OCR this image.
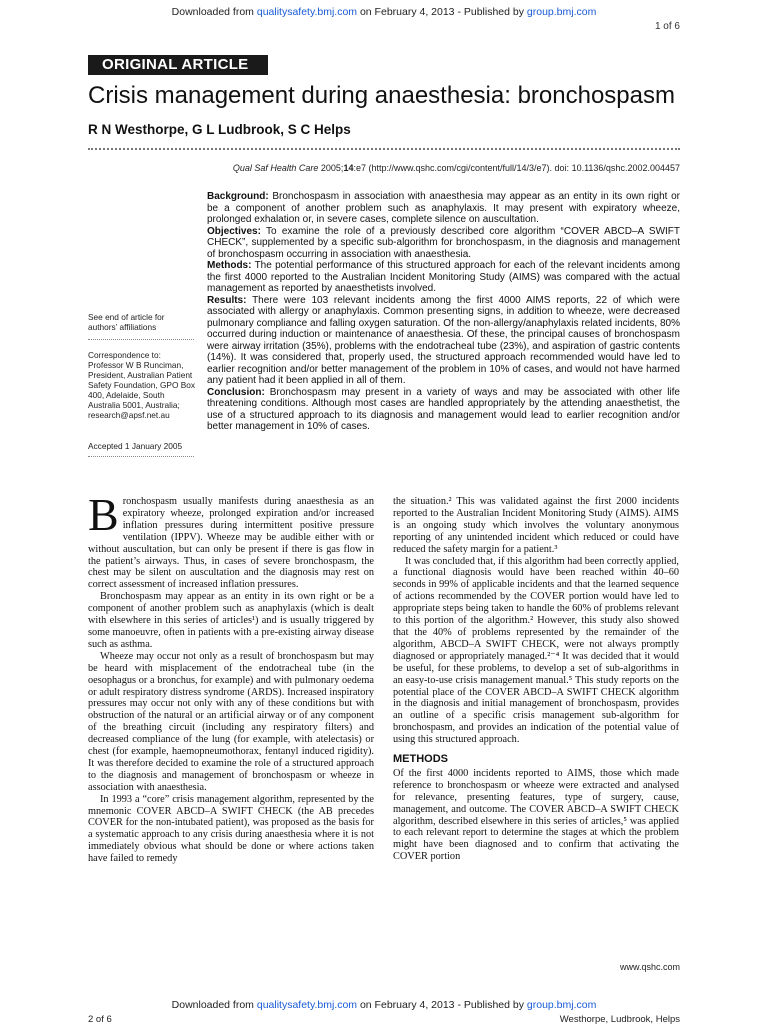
Downloaded from qualitysafety.bmj.com on February 4, 2013 - Published by group.bmj.com
1 of 6
ORIGINAL ARTICLE
Crisis management during anaesthesia: bronchospasm
R N Westhorpe, G L Ludbrook, S C Helps
Qual Saf Health Care 2005;14:e7 (http://www.qshc.com/cgi/content/full/14/3/e7). doi: 10.1136/qshc.2002.004457

Background: Bronchospasm in association with anaesthesia may appear as an entity in its own right or be a component of another problem such as anaphylaxis. It may present with expiratory wheeze, prolonged exhalation or, in severe cases, complete silence on auscultation.

Objectives: To examine the role of a previously described core algorithm “COVER ABCD–A SWIFT CHECK”, supplemented by a specific sub-algorithm for bronchospasm, in the diagnosis and management of bronchospasm occurring in association with anaesthesia.

Methods: The potential performance of this structured approach for each of the relevant incidents among the first 4000 reported to the Australian Incident Monitoring Study (AIMS) was compared with the actual management as reported by anaesthetists involved.

Results: There were 103 relevant incidents among the first 4000 AIMS reports, 22 of which were associated with allergy or anaphylaxis. Common presenting signs, in addition to wheeze, were decreased pulmonary compliance and falling oxygen saturation. Of the non-allergy/anaphylaxis related incidents, 80% occurred during induction or maintenance of anaesthesia. Of these, the principal causes of bronchospasm were airway irritation (35%), problems with the endotracheal tube (23%), and aspiration of gastric contents (14%). It was considered that, properly used, the structured approach recommended would have led to earlier recognition and/or better management of the problem in 10% of cases, and would not have harmed any patient had it been applied in all of them.

Conclusion: Bronchospasm may present in a variety of ways and may be associated with other life threatening conditions. Although most cases are handled appropriately by the attending anaesthetist, the use of a structured approach to its diagnosis and management would lead to earlier recognition and/or better management in 10% of cases.

See end of article for authors’ affiliations
Correspondence to:
Professor W B Runciman, President, Australian Patient Safety Foundation, GPO Box 400, Adelaide, South Australia 5001, Australia; research@apsf.net.au
Accepted 1 January 2005

Bronchospasm usually manifests during anaesthesia as an expiratory wheeze, prolonged expiration and/or increased inflation pressures during intermittent positive pressure ventilation (IPPV). Wheeze may be audible either with or without auscultation, but can only be present if there is gas flow in the patient’s airways. Thus, in cases of severe bronchospasm, the chest may be silent on auscultation and the diagnosis may rest on correct assessment of increased inflation pressures.

Bronchospasm may appear as an entity in its own right or be a component of another problem such as anaphylaxis (which is dealt with elsewhere in this series of articles¹) and is usually triggered by some manoeuvre, often in patients with a pre-existing airway disease such as asthma.

Wheeze may occur not only as a result of bronchospasm but may be heard with misplacement of the endotracheal tube (in the oesophagus or a bronchus, for example) and with pulmonary oedema or adult respiratory distress syndrome (ARDS). Increased inspiratory pressures may occur not only with any of these conditions but with obstruction of the natural or an artificial airway or of any component of the breathing circuit (including any respiratory filters) and decreased compliance of the lung (for example, with atelectasis) or chest (for example, haemopneumothorax, fentanyl induced rigidity). It was therefore decided to examine the role of a structured approach to the diagnosis and management of bronchospasm or wheeze in association with anaesthesia.

In 1993 a “core” crisis management algorithm, represented by the mnemonic COVER ABCD–A SWIFT CHECK (the AB precedes COVER for the non-intubated patient), was proposed as the basis for a systematic approach to any crisis during anaesthesia where it is not immediately obvious what should be done or where actions taken have failed to remedy

the situation.² This was validated against the first 2000 incidents reported to the Australian Incident Monitoring Study (AIMS). AIMS is an ongoing study which involves the voluntary anonymous reporting of any unintended incident which reduced or could have reduced the safety margin for a patient.³

It was concluded that, if this algorithm had been correctly applied, a functional diagnosis would have been reached within 40–60 seconds in 99% of applicable incidents and that the learned sequence of actions recommended by the COVER portion would have led to appropriate steps being taken to handle the 60% of problems relevant to this portion of the algorithm.² However, this study also showed that the 40% of problems represented by the remainder of the algorithm, ABCD–A SWIFT CHECK, were not always promptly diagnosed or appropriately managed.²⁻⁴ It was decided that it would be useful, for these problems, to develop a set of sub-algorithms in an easy-to-use crisis management manual.⁵ This study reports on the potential place of the COVER ABCD–A SWIFT CHECK algorithm in the diagnosis and initial management of bronchospasm, provides an outline of a specific crisis management sub-algorithm for bronchospasm, and provides an indication of the potential value of using this structured approach.

METHODS

Of the first 4000 incidents reported to AIMS, those which made reference to bronchospasm or wheeze were extracted and analysed for relevance, presenting features, type of surgery, cause, management, and outcome. The COVER ABCD–A SWIFT CHECK algorithm, described elsewhere in this series of articles,⁵ was applied to each relevant report to determine the stages at which the problem might have been diagnosed and to confirm that activating the COVER portion

www.qshc.com
Downloaded from qualitysafety.bmj.com on February 4, 2013 - Published by group.bmj.com
2 of 6	Westhorpe, Ludbrook, Helps
